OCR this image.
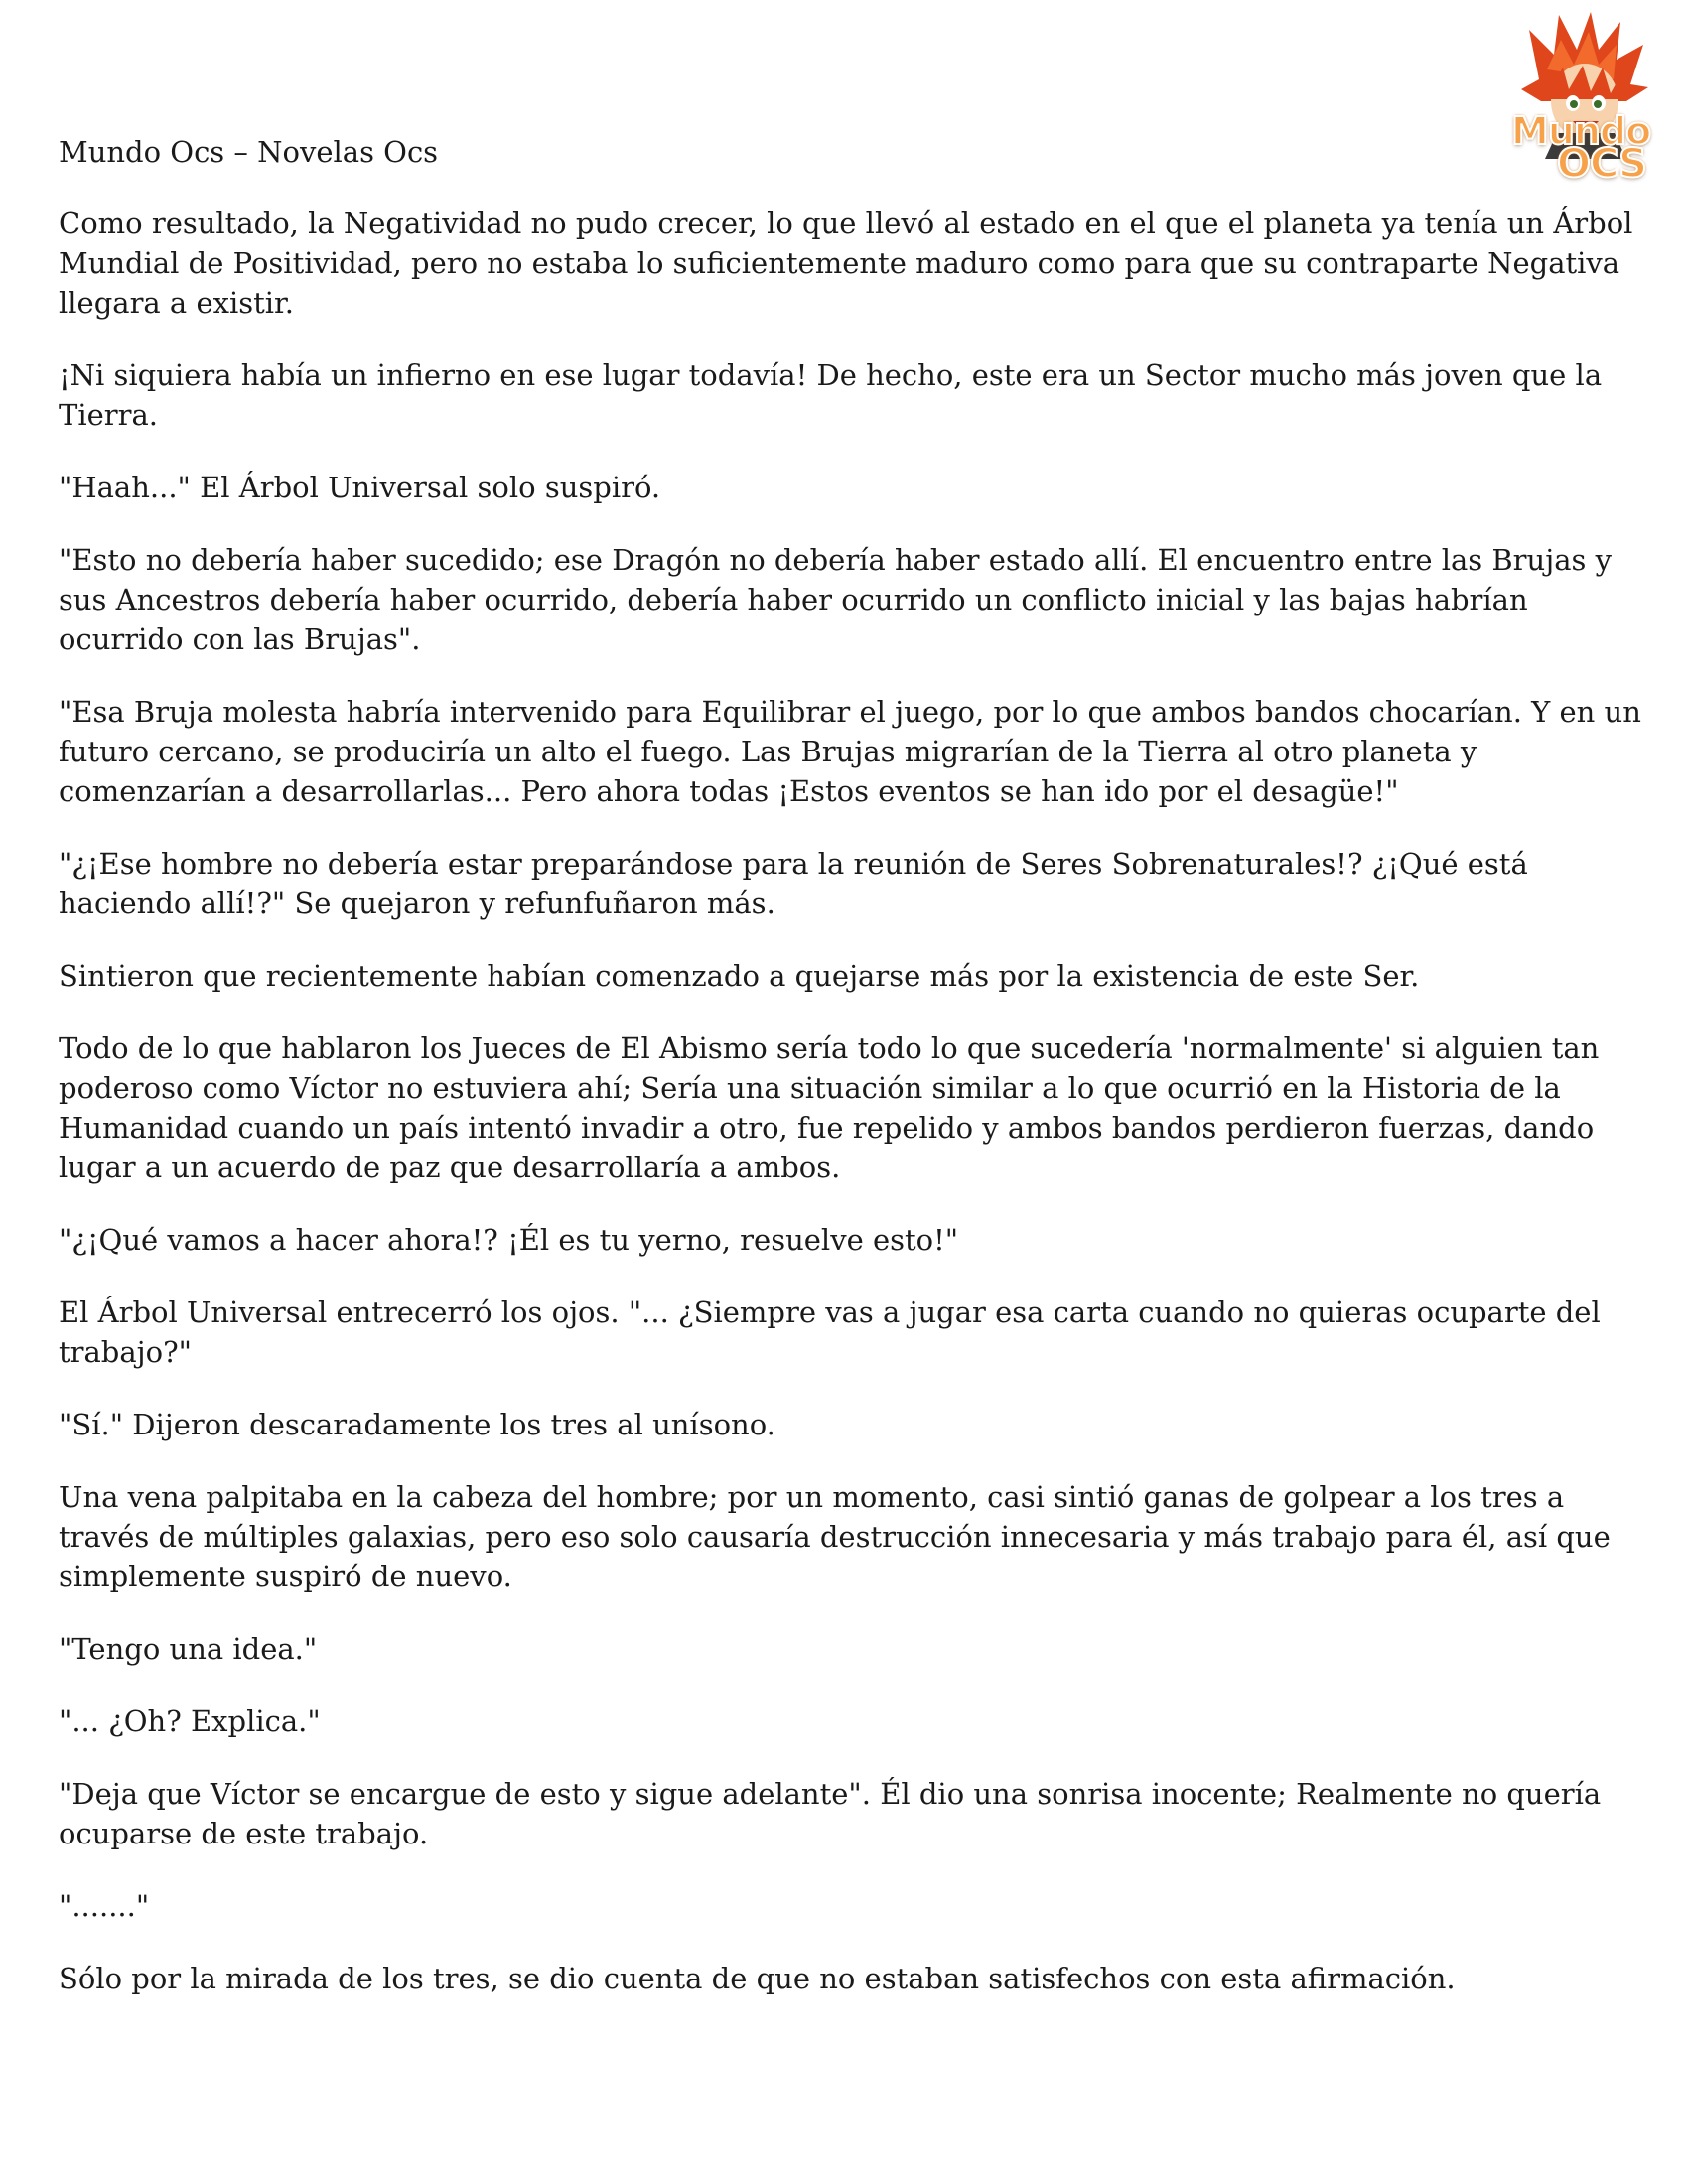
Mundo Ocs – Novelas Ocs	Mundo
OCS

Como resultado, la Negatividad no pudo crecer, lo que llevó al estado en el que el planeta ya tenía un Árbol Mundial de Positividad, pero no estaba lo suficientemente maduro como para que su contraparte Negativa llegara a existir.

¡Ni siquiera había un infierno en ese lugar todavía! De hecho, este era un Sector mucho más joven que la Tierra.

"Haah..." El Árbol Universal solo suspiró.

"Esto no debería haber sucedido; ese Dragón no debería haber estado allí. El encuentro entre las Brujas y sus Ancestros debería haber ocurrido, debería haber ocurrido un conflicto inicial y las bajas habrían ocurrido con las Brujas".

"Esa Bruja molesta habría intervenido para Equilibrar el juego, por lo que ambos bandos chocarían. Y en un futuro cercano, se produciría un alto el fuego. Las Brujas migrarían de la Tierra al otro planeta y comenzarían a desarrollarlas... Pero ahora todas ¡Estos eventos se han ido por el desagüe!"

"¿¡Ese hombre no debería estar preparándose para la reunión de Seres Sobrenaturales!? ¿¡Qué está haciendo allí!?" Se quejaron y refunfuñaron más.

Sintieron que recientemente habían comenzado a quejarse más por la existencia de este Ser.

Todo de lo que hablaron los Jueces de El Abismo sería todo lo que sucedería 'normalmente' si alguien tan poderoso como Víctor no estuviera ahí; Sería una situación similar a lo que ocurrió en la Historia de la Humanidad cuando un país intentó invadir a otro, fue repelido y ambos bandos perdieron fuerzas, dando lugar a un acuerdo de paz que desarrollaría a ambos.

"¿¡Qué vamos a hacer ahora!? ¡Él es tu yerno, resuelve esto!"

El Árbol Universal entrecerró los ojos. "... ¿Siempre vas a jugar esa carta cuando no quieras ocuparte del trabajo?"

"Sí." Dijeron descaradamente los tres al unísono.

Una vena palpitaba en la cabeza del hombre; por un momento, casi sintió ganas de golpear a los tres a través de múltiples galaxias, pero eso solo causaría destrucción innecesaria y más trabajo para él, así que simplemente suspiró de nuevo.

"Tengo una idea."

"... ¿Oh? Explica."

"Deja que Víctor se encargue de esto y sigue adelante". Él dio una sonrisa inocente; Realmente no quería ocuparse de este trabajo.

"......."

Sólo por la mirada de los tres, se dio cuenta de que no estaban satisfechos con esta afirmación.
